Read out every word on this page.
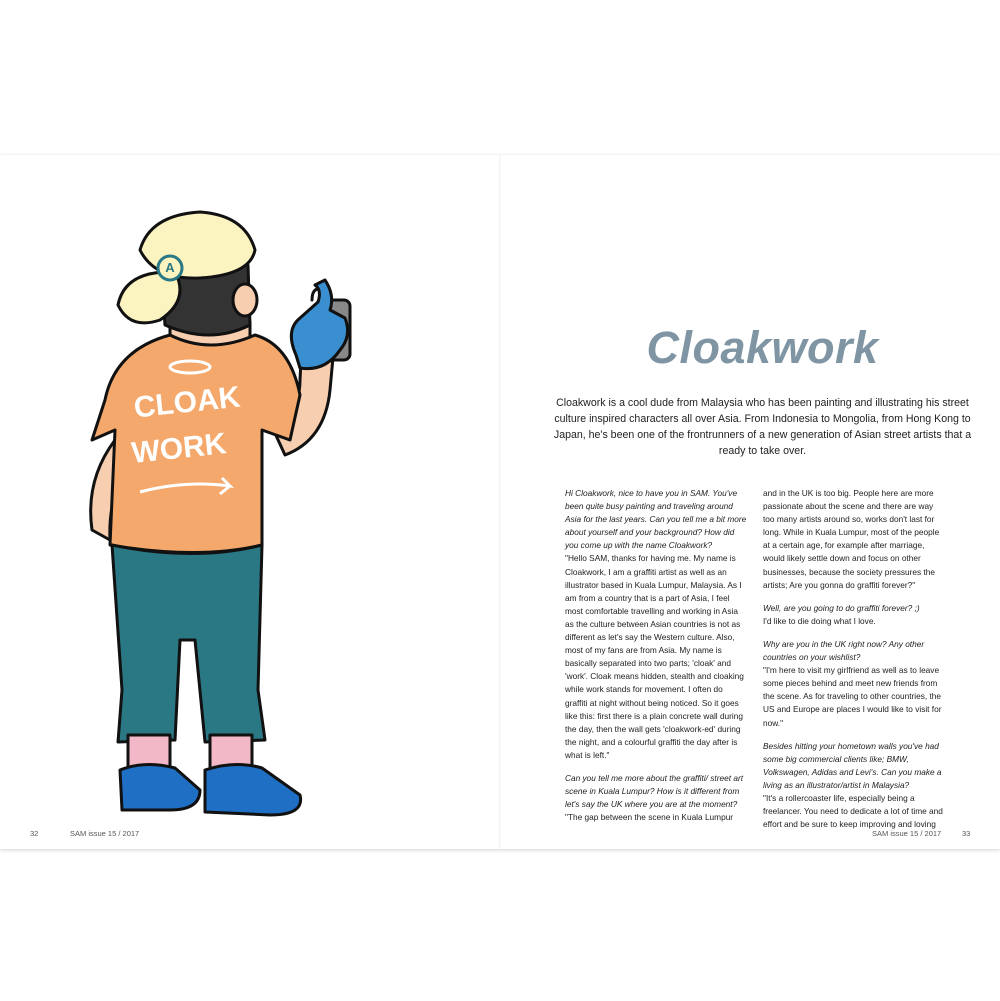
A
CLOAK
WORK
Cloakwork
Cloakwork is a cool dude from Malaysia who has been painting and illustrating his street culture inspired characters all over Asia. From Indonesia to Mongolia, from Hong Kong to Japan, he's been one of the frontrunners of a new generation of Asian street artists that a ready to take over.

Hi Cloakwork, nice to have you in SAM. You've been quite busy painting and traveling around Asia for the last years. Can you tell me a bit more about yourself and your background? How did you come up with the name Cloakwork?
"Hello SAM, thanks for having me. My name is Cloakwork, I am a graffiti artist as well as an illustrator based in Kuala Lumpur, Malaysia. As I am from a country that is a part of Asia, I feel most comfortable travelling and working in Asia as the culture between Asian countries is not as different as let's say the Western culture. Also, most of my fans are from Asia. My name is basically separated into two parts; 'cloak' and 'work'. Cloak means hidden, stealth and cloaking while work stands for movement. I often do graffiti at night without being noticed. So it goes like this: first there is a plain concrete wall during the day, then the wall gets 'cloakwork-ed' during the night, and a colourful graffiti the day after is what is left."

Can you tell me more about the graffiti/ street art scene in Kuala Lumpur? How is it different from let's say the UK where you are at the moment?
"The gap between the scene in Kuala Lumpur

and in the UK is too big. People here are more passionate about the scene and there are way too many artists around so, works don't last for long. While in Kuala Lumpur, most of the people at a certain age, for example after marriage, would likely settle down and focus on other businesses, because the society pressures the artists; Are you gonna do graffiti forever?"

Well, are you going to do graffiti forever? ;)
I'd like to die doing what I love.

Why are you in the UK right now? Any other countries on your wishlist?
"I'm here to visit my girlfriend as well as to leave some pieces behind and meet new friends from the scene. As for traveling to other countries, the US and Europe are places I would like to visit for now."

Besides hitting your hometown walls you've had some big commercial clients like; BMW, Volkswagen, Adidas and Levi's. Can you make a living as an illustrator/artist in Malaysia?
"It's a rollercoaster life, especially being a freelancer. You need to dedicate a lot of time and effort and be sure to keep improving and loving

32	SAM issue 15 / 2017	SAM issue 15 / 2017	33
